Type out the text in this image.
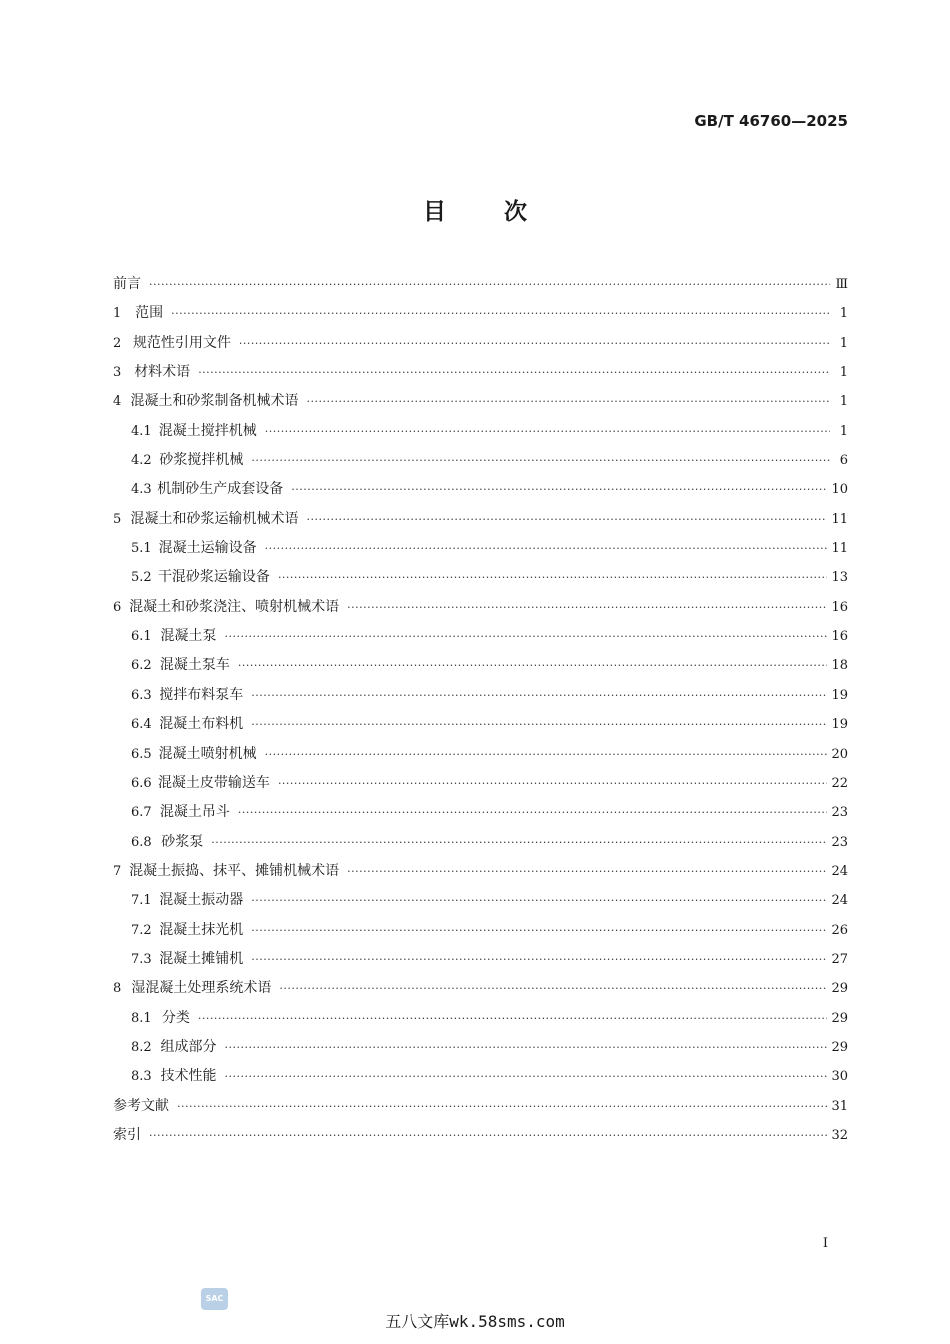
GB/T 46760—2025
目	次
前言 ·····	Ⅲ
1 范围 ·····	1
2 规范性引用文件 ·····	1
3 材料术语 ·····	1
4 混凝土和砂浆制备机械术语 ·····	1
4.1 混凝土搅拌机械 ·····	1
4.2 砂浆搅拌机械 ·····	6
4.3 机制砂生产成套设备 ·····	10
5 混凝土和砂浆运输机械术语 ·····	11
5.1 混凝土运输设备 ·····	11
5.2 干混砂浆运输设备 ·····	13
6 混凝土和砂浆浇注、喷射机械术语 ·····	16
6.1 混凝土泵 ·····	16
6.2 混凝土泵车 ·····	18
6.3 搅拌布料泵车 ·····	19
6.4 混凝土布料机 ·····	19
6.5 混凝土喷射机械 ·····	20
6.6 混凝土皮带输送车 ·····	22
6.7 混凝土吊斗 ·····	23
6.8 砂浆泵 ·····	23
7 混凝土振捣、抹平、摊铺机械术语 ·····	24
7.1 混凝土振动器 ·····	24
7.2 混凝土抹光机 ·····	26
7.3 混凝土摊铺机 ·····	27
8 湿混凝土处理系统术语 ·····	29
8.1 分类 ·····	29
8.2 组成部分 ·····	29
8.3 技术性能 ·····	30
参考文献 ·····	31
索引 ·····	32
I
SAC
五八文库wk.58sms.com
